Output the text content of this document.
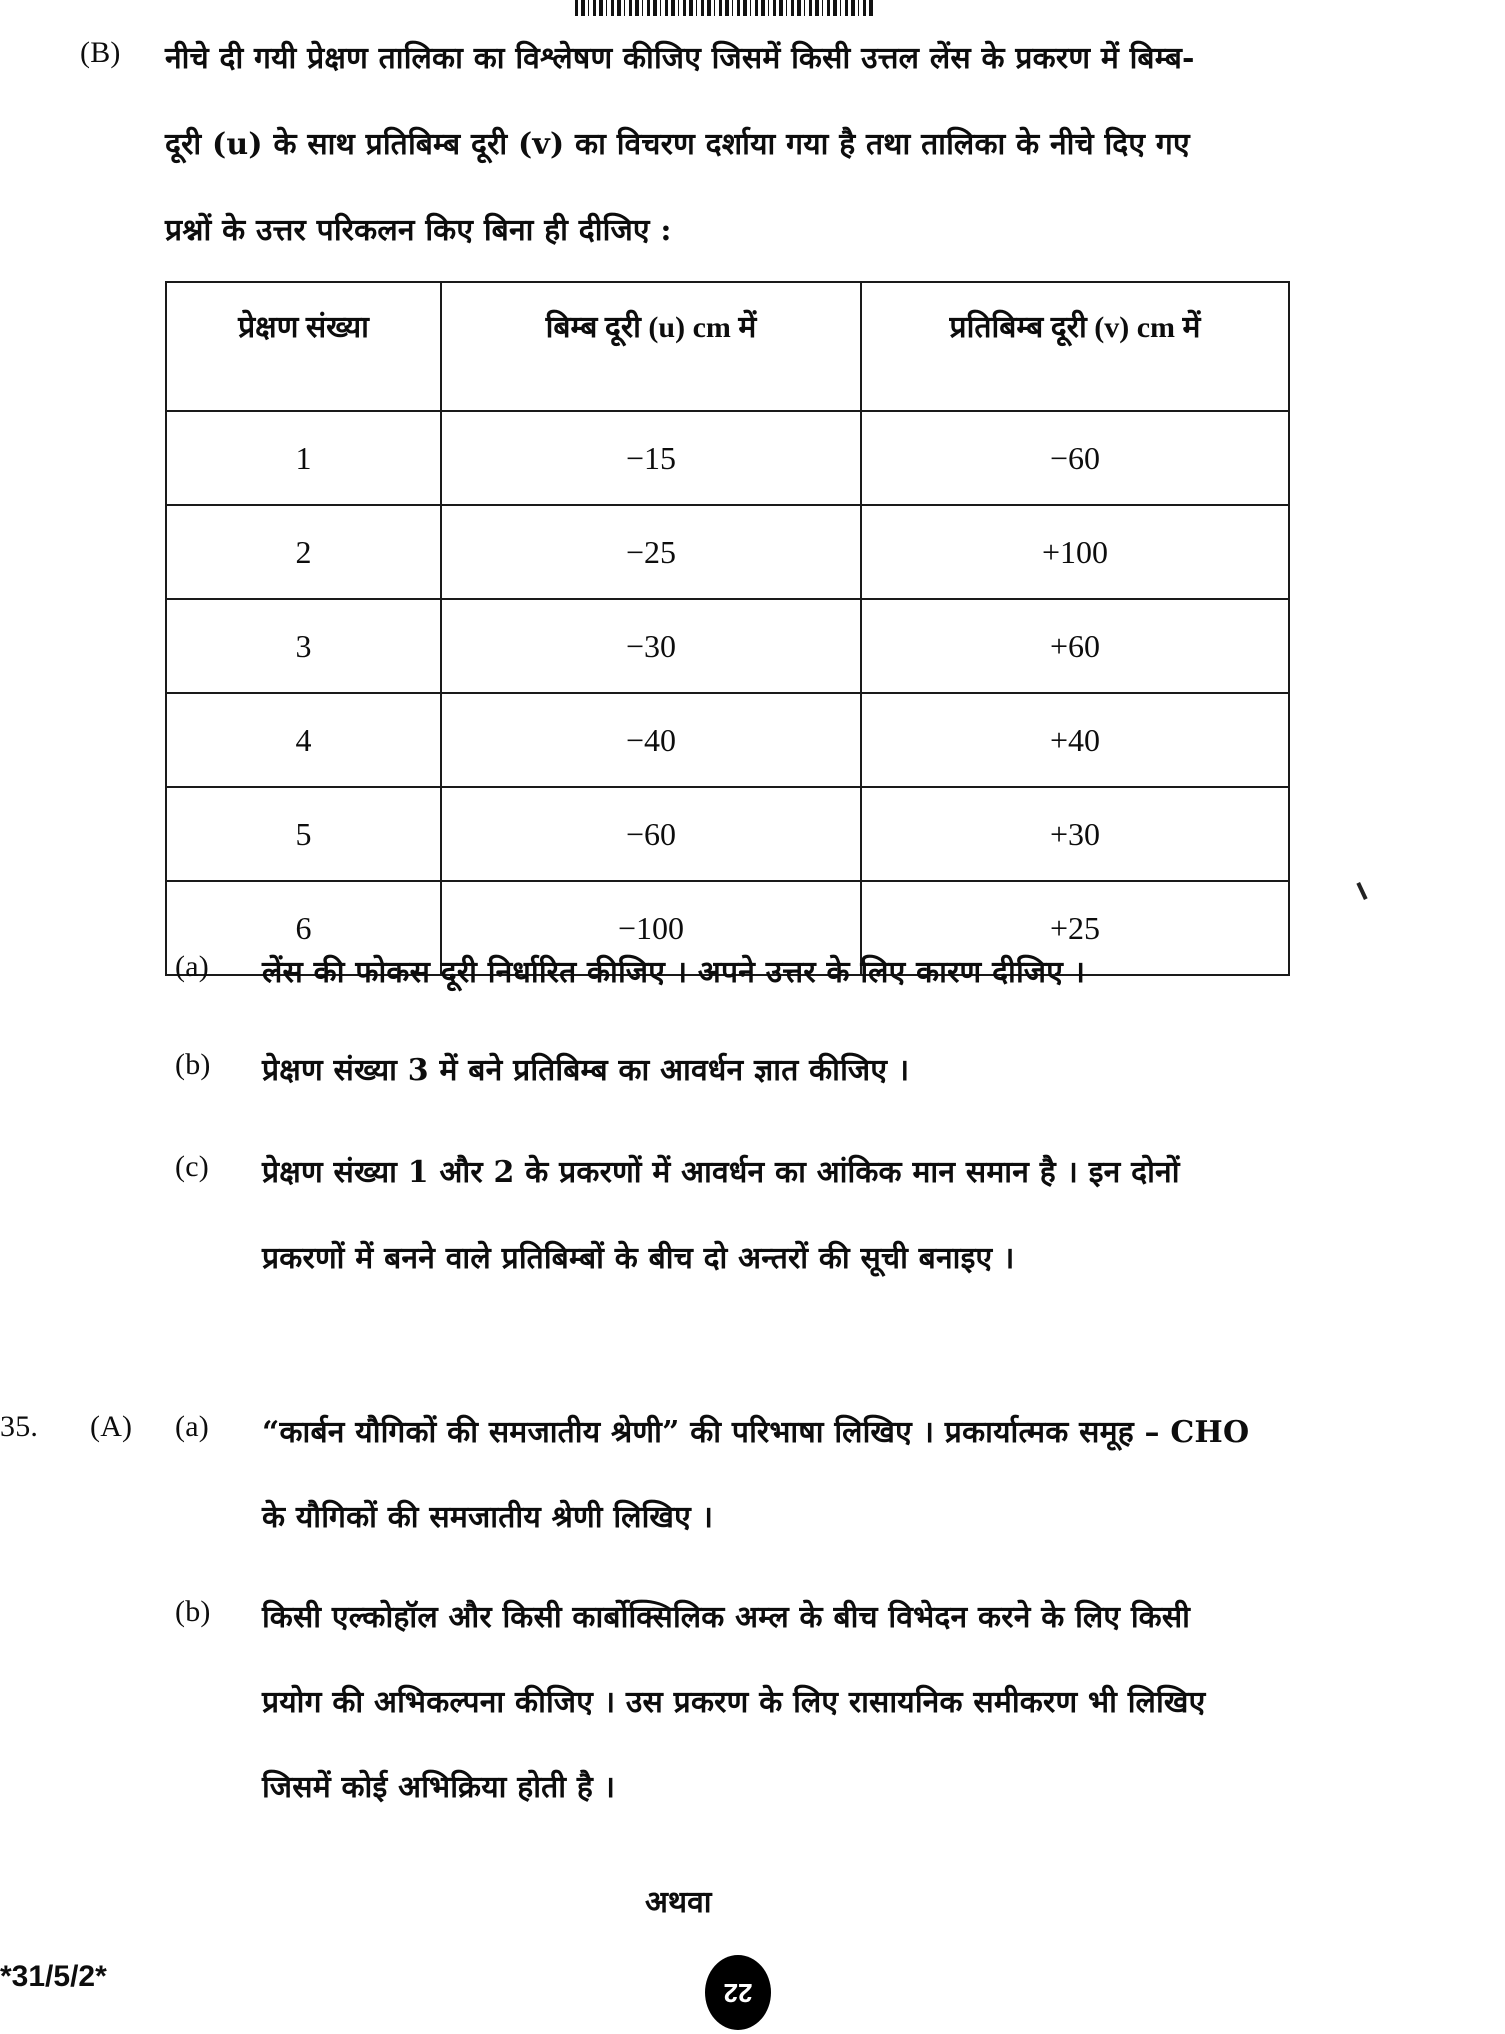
(B) नीचे दी गयी प्रेक्षण तालिका का विश्लेषण कीजिए जिसमें किसी उत्तल लेंस के प्रकरण में बिम्ब-
दूरी (u) के साथ प्रतिबिम्ब दूरी (v) का विचरण दर्शाया गया है तथा तालिका के नीचे दिए गए
प्रश्नों के उत्तर परिकलन किए बिना ही दीजिए :
प्रेक्षण संख्या	बिम्ब दूरी (u) cm में	प्रतिबिम्ब दूरी (v) cm में
1	−15	−60
2	−25	+100
3	−30	+60
4	−40	+40
5	−60	+30
6	−100	+25
(a) लेंस की फोकस दूरी निर्धारित कीजिए । अपने उत्तर के लिए कारण दीजिए ।
(b) प्रेक्षण संख्या 3 में बने प्रतिबिम्ब का आवर्धन ज्ञात कीजिए ।
(c) प्रेक्षण संख्या 1 और 2 के प्रकरणों में आवर्धन का आंकिक मान समान है । इन दोनों
प्रकरणों में बनने वाले प्रतिबिम्बों के बीच दो अन्तरों की सूची बनाइए ।
35. (A) (a) “कार्बन यौगिकों की समजातीय श्रेणी” की परिभाषा लिखिए । प्रकार्यात्मक समूह – CHO
के यौगिकों की समजातीय श्रेणी लिखिए ।
(b) किसी एल्कोहॉल और किसी कार्बोक्सिलिक अम्ल के बीच विभेदन करने के लिए किसी
प्रयोग की अभिकल्पना कीजिए । उस प्रकरण के लिए रासायनिक समीकरण भी लिखिए
जिसमें कोई अभिक्रिया होती है ।
अथवा
*31/5/2*	22
